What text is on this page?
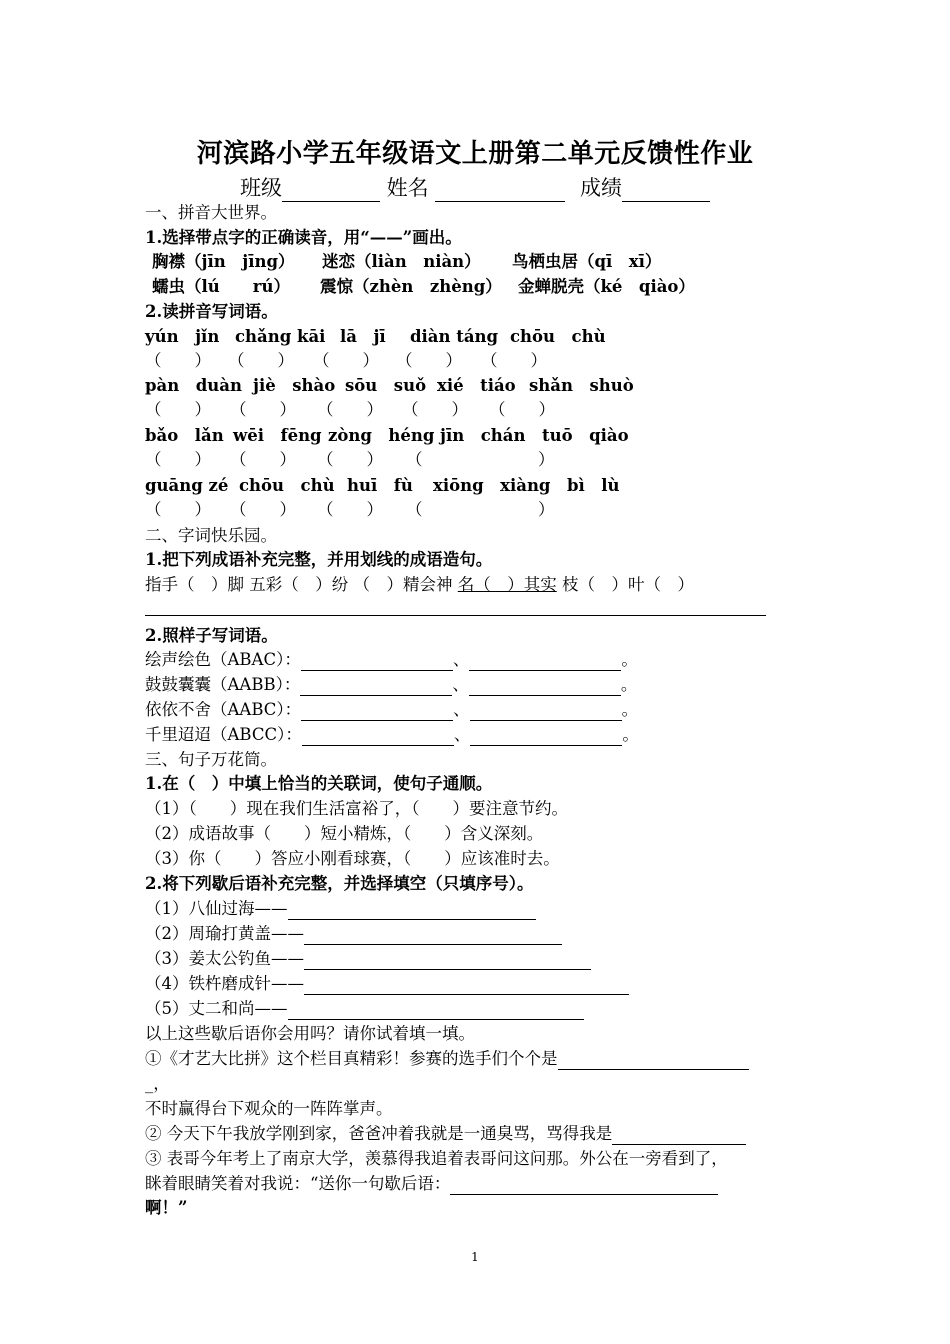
河滨路小学五年级语文上册第二单元反馈性作业
班级	姓名	成绩
一、拼音大世界。
1.选择带点字的正确读音，用“——”画出。
胸襟（jīn　jīng） 迷恋（liàn　niàn） 鸟栖虫居（qī　xī）
蠕虫（lú　　rú） 震惊（zhèn　zhèng） 金蝉脱壳（ké　qiào）
2.读拼音写词语。
yún　jǐn chǎng kāi lā　jī diàn táng chōu　chù
（　　） （　　） （　　） （　　） （　　）
pàn　duàn jiè　shào sōu　suǒ xié　tiáo shǎn　shuò
（　　） （　　） （　　） （　　） （　　）
bǎo　lǎn wēi　fēng zòng　héng jīn　chán　tuō　qiào
（　　） （　　） （　　） （　　　　　　　）
guāng zé chōu　chù huī　fù xiōng　xiàng　bì　lù
（　　） （　　） （　　） （　　　　　　　）
二、字词快乐园。
1.把下列成语补充完整，并用划线的成语造句。
指手（　）脚 五彩（　）纷 （　）精会神 名（　）其实 枝（　）叶（　）
2.照样子写词语。
绘声绘色（ABAC）：	、	。
鼓鼓囊囊（AABB）：	、	。
依依不舍（AABC）：	、	。
千里迢迢（ABCC）：	、	。
三、句子万花筒。
1.在（　）中填上恰当的关联词，使句子通顺。
（1）（　　）现在我们生活富裕了，（　　）要注意节约。
（2）成语故事（　　）短小精炼，（　　）含义深刻。
（3）你（　　）答应小刚看球赛，（　　）应该准时去。
2.将下列歇后语补充完整，并选择填空（只填序号）。
（1）八仙过海——
（2）周瑜打黄盖——
（3）姜太公钓鱼——
（4）铁杵磨成针——
（5）丈二和尚——
以上这些歇后语你会用吗？请你试着填一填。
①《才艺大比拼》这个栏目真精彩！参赛的选手们个个是
_，
不时赢得台下观众的一阵阵掌声。
② 今天下午我放学刚到家，爸爸冲着我就是一通臭骂，骂得我是
③ 表哥今年考上了南京大学，羡慕得我追着表哥问这问那。外公在一旁看到了，
眯着眼睛笑着对我说：“送你一句歇后语：
啊！”
1
